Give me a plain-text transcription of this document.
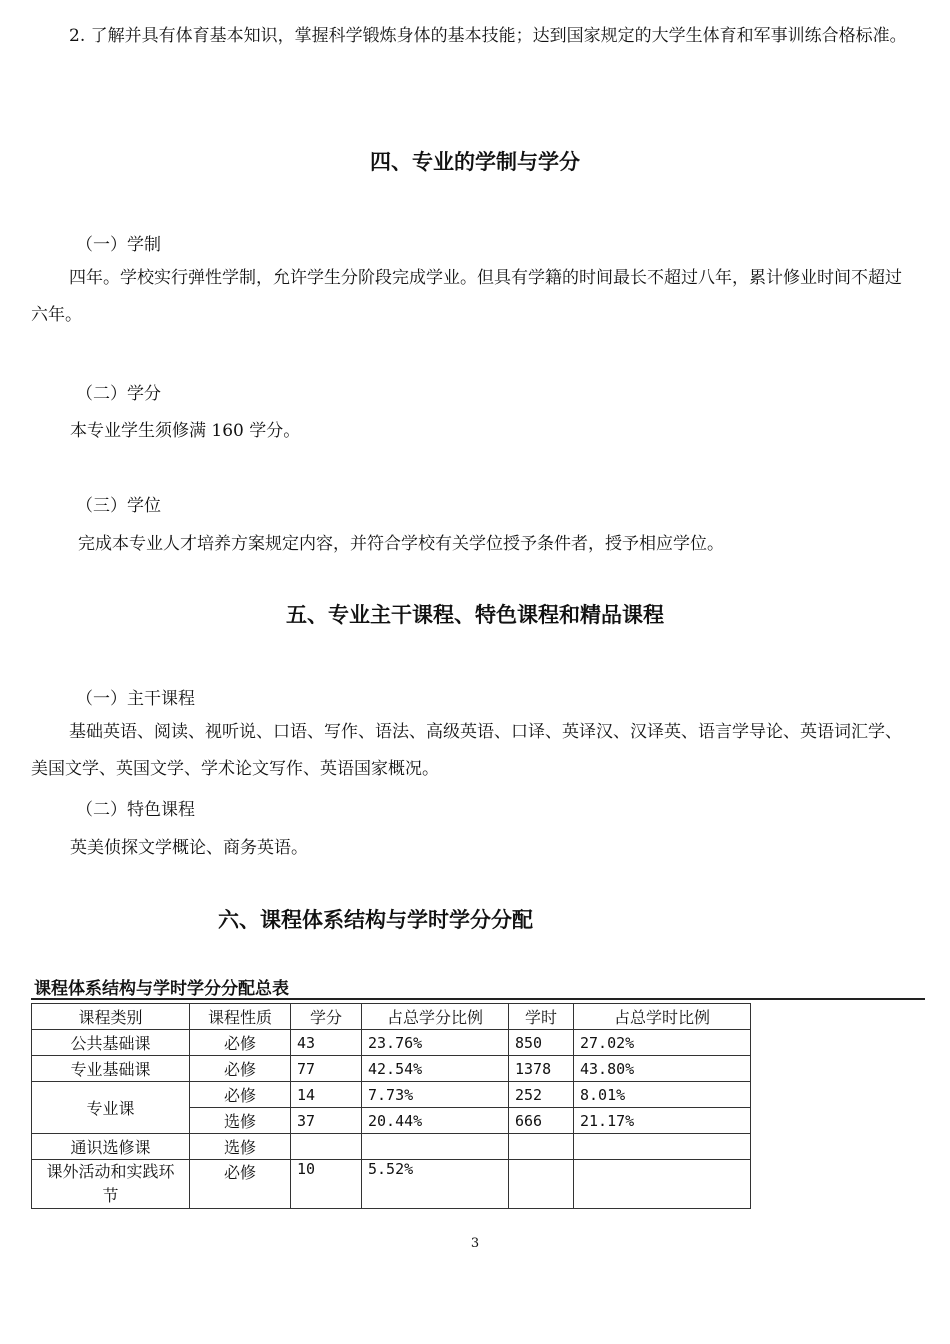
2. 了解并具有体育基本知识，掌握科学锻炼身体的基本技能；达到国家规定的大学生体育和军事训练合格标准。
四、专业的学制与学分
（一）学制
四年。学校实行弹性学制，允许学生分阶段完成学业。但具有学籍的时间最长不超过八年，累计修业时间不超过六年。
（二）学分
本专业学生须修满 160 学分。
（三）学位
完成本专业人才培养方案规定内容，并符合学校有关学位授予条件者，授予相应学位。
五、专业主干课程、特色课程和精品课程
（一）主干课程
基础英语、阅读、视听说、口语、写作、语法、高级英语、口译、英译汉、汉译英、语言学导论、英语词汇学、美国文学、英国文学、学术论文写作、英语国家概况。
（二）特色课程
英美侦探文学概论、商务英语。
六、课程体系结构与学时学分分配
课程体系结构与学时学分分配总表
课程类别	课程性质	学分	占总学分比例	学时	占总学时比例
公共基础课	必修	43	23.76%	850	27.02%
专业基础课	必修	77	42.54%	1378	43.80%
专业课	必修	14	7.73%	252	8.01%
	选修	37	20.44%	666	21.17%
通识选修课	选修				
课外活动和实践环节	必修	10	5.52%		
3
